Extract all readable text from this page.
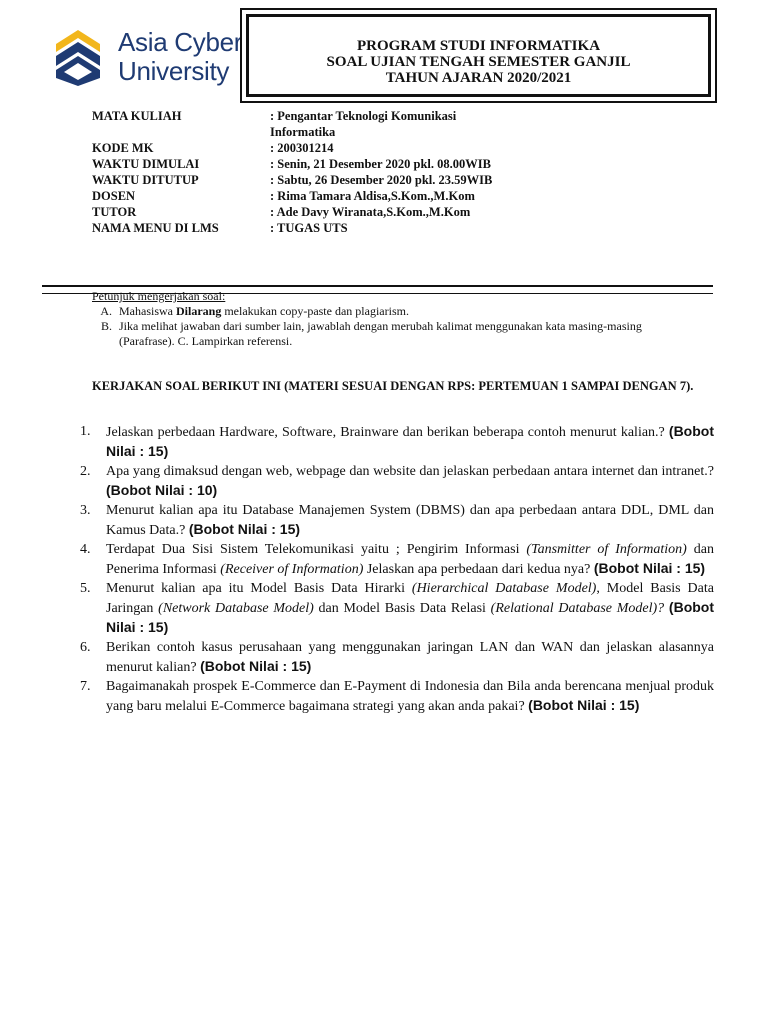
Asia Cyber
University
PROGRAM STUDI INFORMATIKA
SOAL UJIAN TENGAH SEMESTER GANJIL
TAHUN AJARAN 2020/2021
MATA KULIAH	: Pengantar Teknologi Komunikasi
Informatika
KODE MK	: 200301214
WAKTU DIMULAI	: Senin, 21 Desember 2020 pkl. 08.00WIB
WAKTU DITUTUP	: Sabtu, 26 Desember 2020 pkl. 23.59WIB
DOSEN	: Rima Tamara Aldisa,S.Kom.,M.Kom
TUTOR	: Ade Davy Wiranata,S.Kom.,M.Kom
NAMA MENU DI LMS	: TUGAS UTS
Petunjuk mengerjakan soal:
A. Mahasiswa Dilarang melakukan copy-paste dan plagiarism.
B. Jika melihat jawaban dari sumber lain, jawablah dengan merubah kalimat menggunakan kata masing-masing (Parafrase). C. Lampirkan referensi.
KERJAKAN SOAL BERIKUT INI (MATERI SESUAI DENGAN RPS: PERTEMUAN 1 SAMPAI DENGAN 7).
1.	Jelaskan perbedaan Hardware, Software, Brainware dan berikan beberapa contoh menurut kalian.? (Bobot Nilai : 15)
2.	Apa yang dimaksud dengan web, webpage dan website dan jelaskan perbedaan antara internet dan intranet.? (Bobot Nilai : 10)
3.	Menurut kalian apa itu Database Manajemen System (DBMS) dan apa perbedaan antara DDL, DML dan Kamus Data.? (Bobot Nilai : 15)
4.	Terdapat Dua Sisi Sistem Telekomunikasi yaitu ; Pengirim Informasi (Tansmitter of Information) dan Penerima Informasi (Receiver of Information) Jelaskan apa perbedaan dari kedua nya? (Bobot Nilai : 15)
5.	Menurut kalian apa itu Model Basis Data Hirarki (Hierarchical Database Model), Model Basis Data Jaringan (Network Database Model) dan Model Basis Data Relasi (Relational Database Model)? (Bobot Nilai : 15)
6.	Berikan contoh kasus perusahaan yang menggunakan jaringan LAN dan WAN dan jelaskan alasannya menurut kalian? (Bobot Nilai : 15)
7.	Bagaimanakah prospek E-Commerce dan E-Payment di Indonesia dan Bila anda berencana menjual produk yang baru melalui E-Commerce bagaimana strategi yang akan anda pakai? (Bobot Nilai : 15)
